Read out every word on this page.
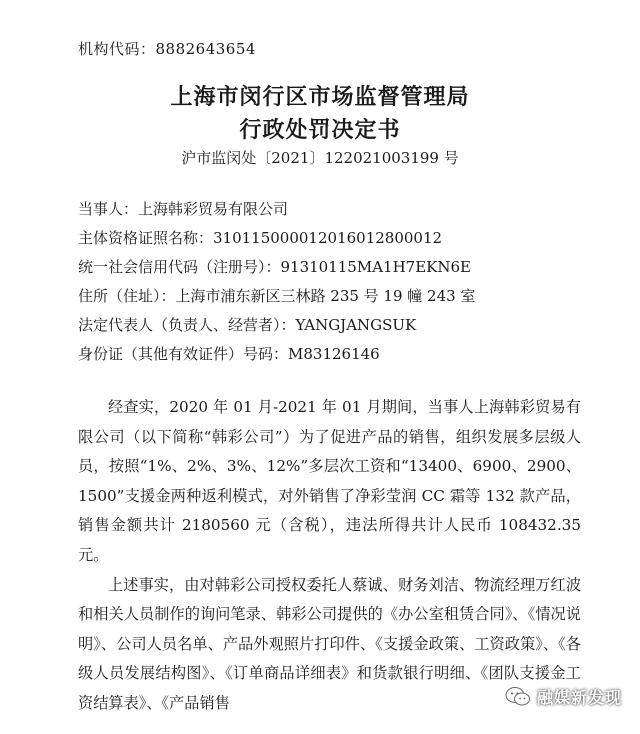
机构代码：8882643654
上海市闵行区市场监督管理局
行政处罚决定书
沪市监闵处〔2021〕122021003199 号
当事人：上海韩彩贸易有限公司
主体资格证照名称：310115000012016012800012
统一社会信用代码（注册号）：91310115MA1H7EKN6E
住所（住址）：上海市浦东新区三林路 235 号 19 幢 243 室
法定代表人（负责人、经营者）：YANGJANGSUK
身份证（其他有效证件）号码：M83126146

经查实，2020 年 01 月-2021 年 01 月期间，当事人上海韩彩贸易有限公司（以下简称“韩彩公司”）为了促进产品的销售，组织发展多层级人员，按照“1%、2%、3%、12%”多层次工资和“13400、6900、2900、1500”支援金两种返利模式，对外销售了净彩莹润 CC 霜等 132 款产品，销售金额共计 2180560 元（含税），违法所得共计人民币 108432.35 元。

上述事实，由对韩彩公司授权委托人蔡诚、财务刘洁、物流经理万红波和相关人员制作的询问笔录、韩彩公司提供的《办公室租赁合同》、《情况说明》、公司人员名单、产品外观照片打印件、《支援金政策、工资政策》、《各级人员发展结构图》、《订单商品详细表》和货款银行明细、《团队支援金工资结算表》、《产品销售	融媒新发现
